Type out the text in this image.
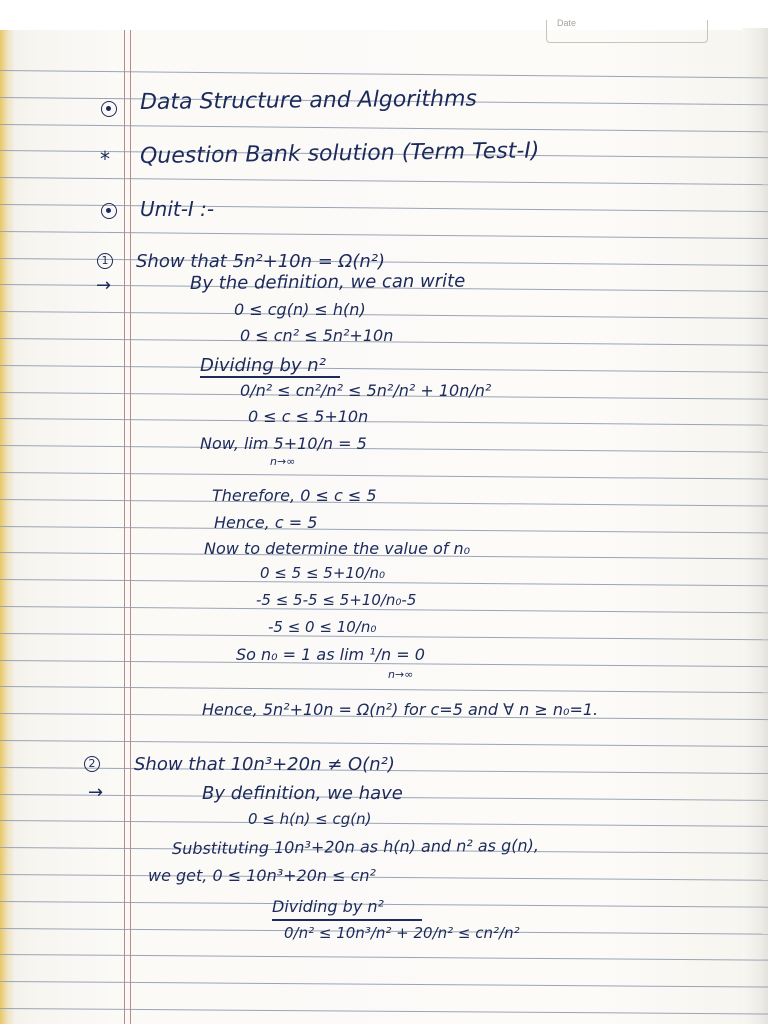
Date
Data Structure and Algorithms
* Question Bank solution (Term Test-I)
Unit-I :-
1 Show that 5n²+10n = Ω(n²)
→	By the definition, we can write
0 ≤ cg(n) ≤ h(n)
0 ≤ cn² ≤ 5n²+10n
Dividing by n²
0/n² ≤ cn²/n² ≤ 5n²/n² + 10n/n²
0 ≤ c ≤ 5+10n
Now, lim 5+10/n = 5
n→∞
Therefore, 0 ≤ c ≤ 5
Hence, c = 5
Now to determine the value of n₀
0 ≤ 5 ≤ 5+10/n₀
-5 ≤ 5-5 ≤ 5+10/n₀-5
-5 ≤ 0 ≤ 10/n₀
So n₀ = 1 as lim ¹/n = 0
n→∞
Hence, 5n²+10n = Ω(n²) for c=5 and ∀ n ≥ n₀=1.
2 Show that 10n³+20n ≠ O(n²)
→	By definition, we have
0 ≤ h(n) ≤ cg(n)
Substituting 10n³+20n as h(n) and n² as g(n),
we get, 0 ≤ 10n³+20n ≤ cn²
Dividing by n²
0/n² ≤ 10n³/n² + 20/n² ≤ cn²/n²
